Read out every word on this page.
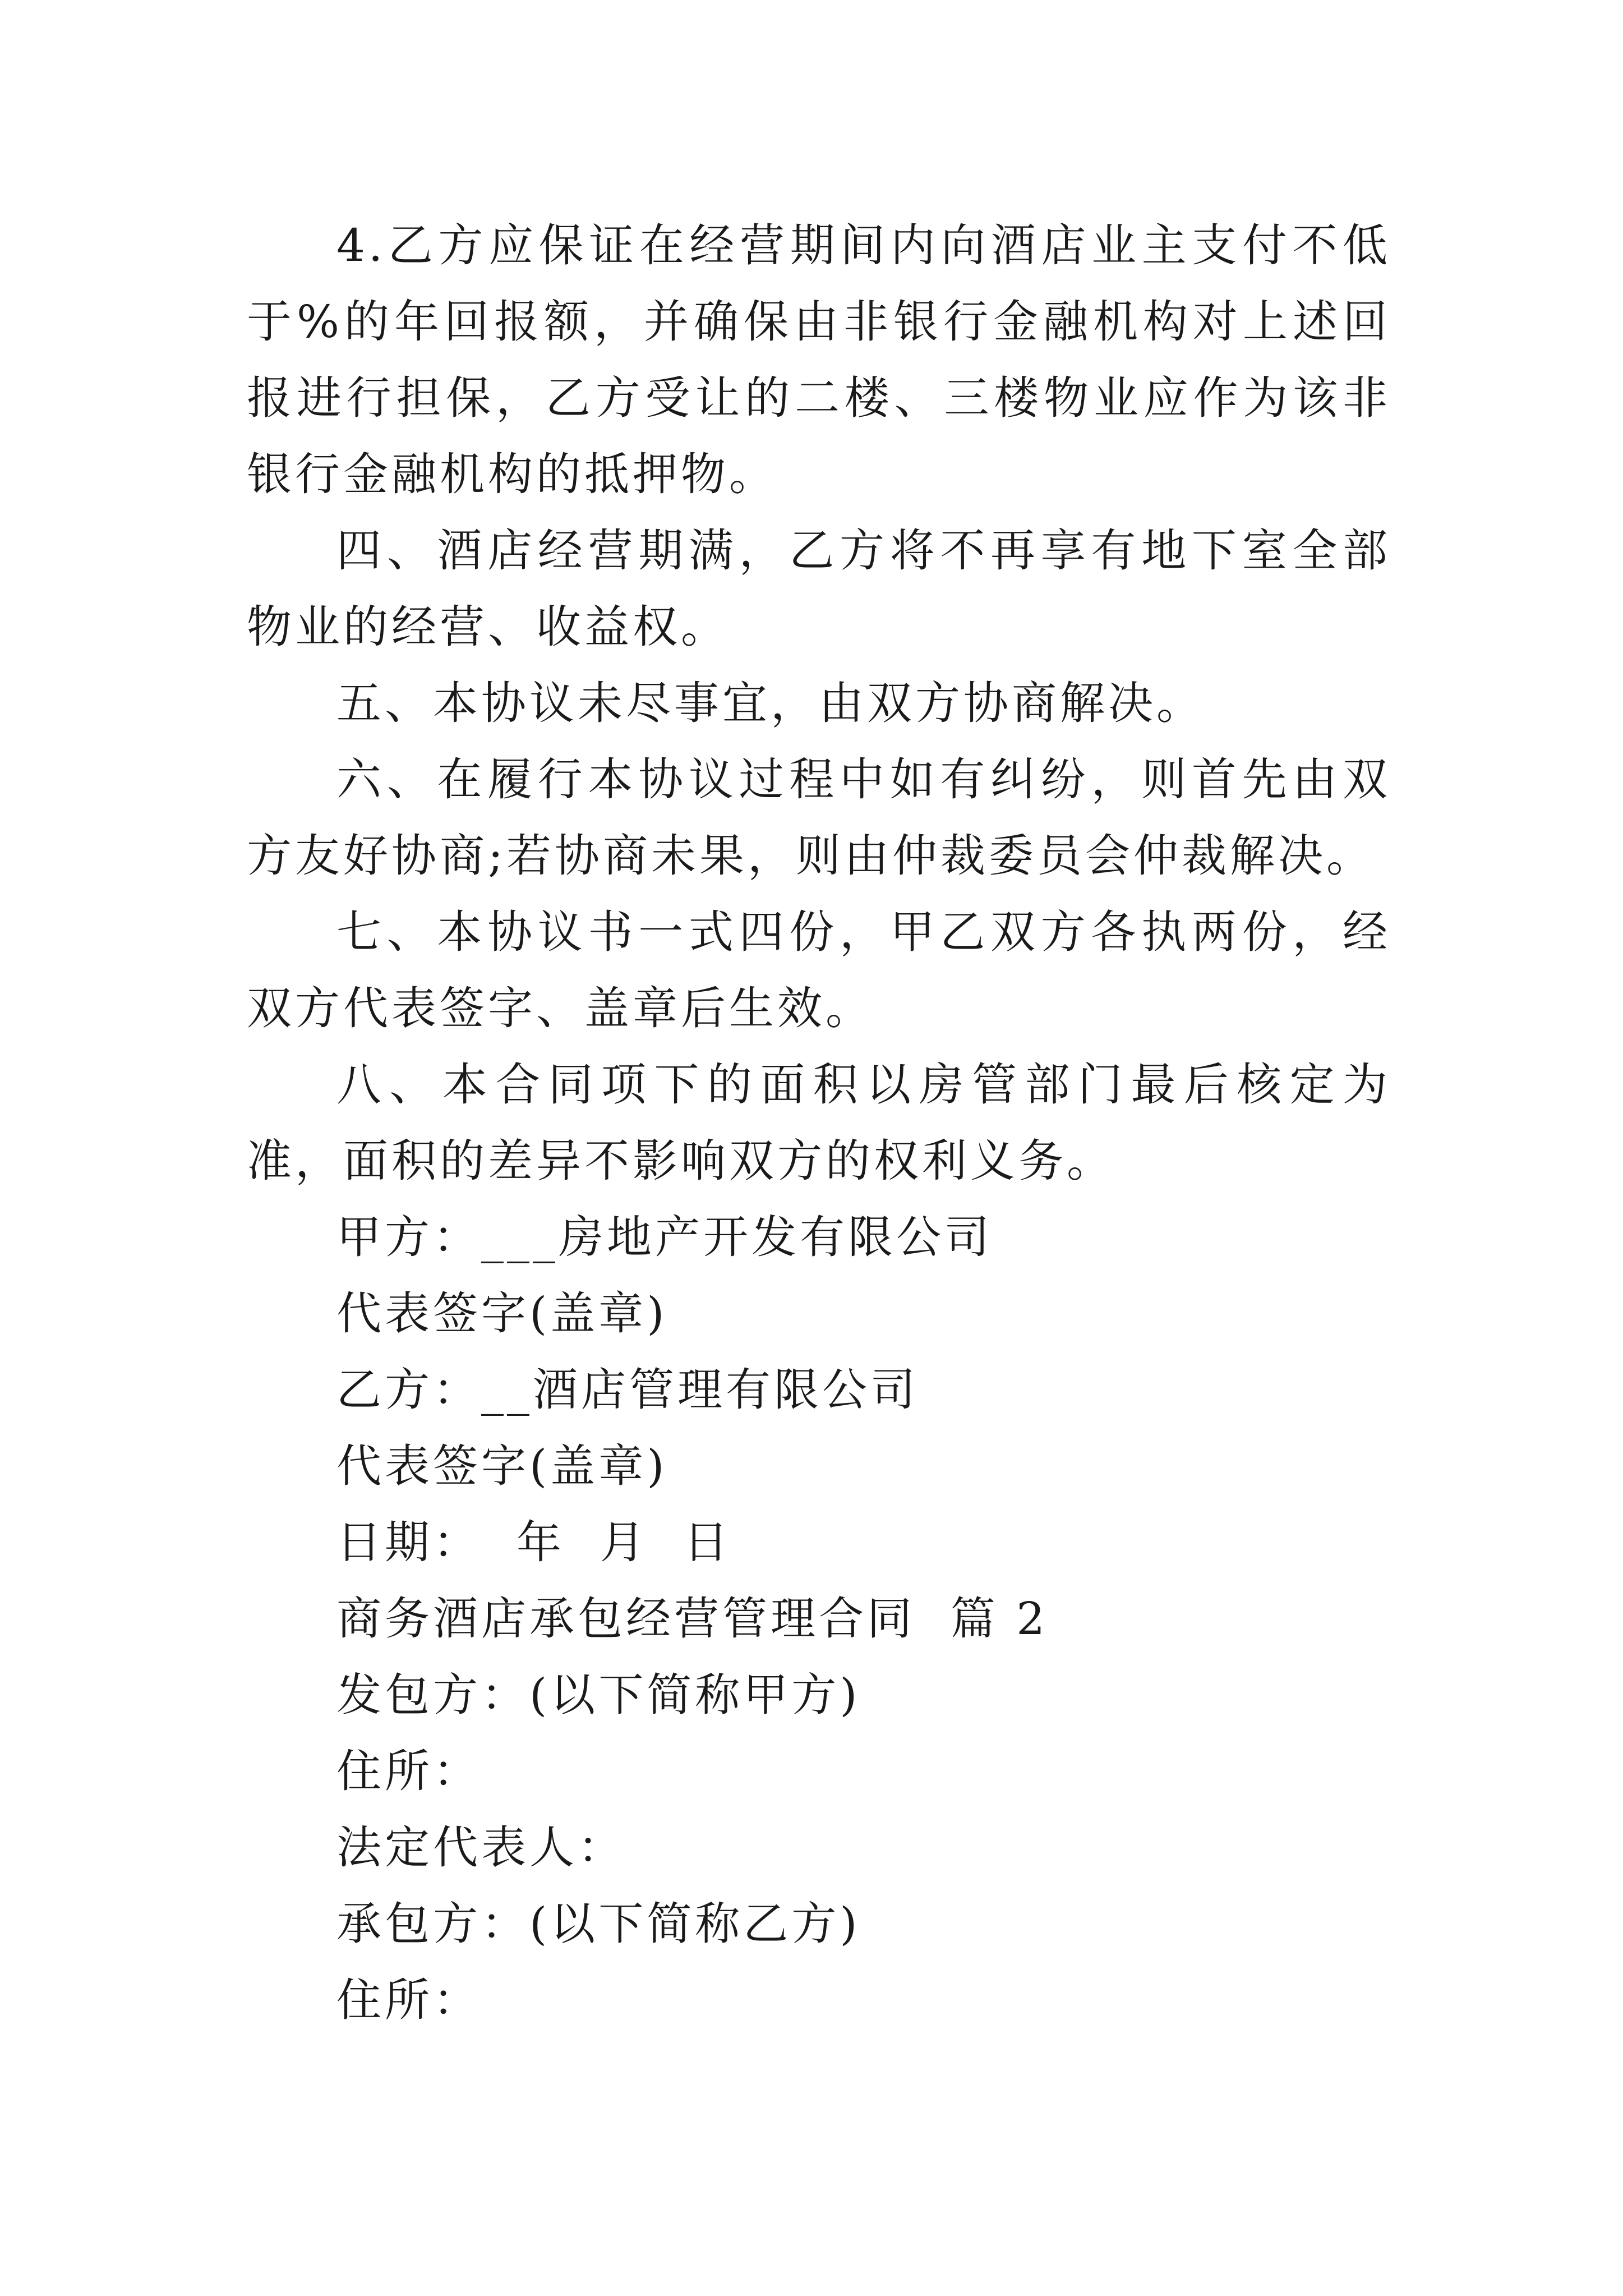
4.乙方应保证在经营期间内向酒店业主支付不低于%的年回报额，并确保由非银行金融机构对上述回报进行担保，乙方受让的二楼、三楼物业应作为该非银行金融机构的抵押物。

四、酒店经营期满，乙方将不再享有地下室全部物业的经营、收益权。

五、本协议未尽事宜，由双方协商解决。

六、在履行本协议过程中如有纠纷，则首先由双方友好协商;若协商未果，则由仲裁委员会仲裁解决。

七、本协议书一式四份，甲乙双方各执两份，经双方代表签字、盖章后生效。

八、本合同项下的面积以房管部门最后核定为准，面积的差异不影响双方的权利义务。

甲方：___房地产开发有限公司

代表签字(盖章)

乙方：__酒店管理有限公司

代表签字(盖章)

日期：  年  月  日

商务酒店承包经营管理合同  篇 2

发包方：(以下简称甲方)

住所：

法定代表人：

承包方：(以下简称乙方)

住所：
